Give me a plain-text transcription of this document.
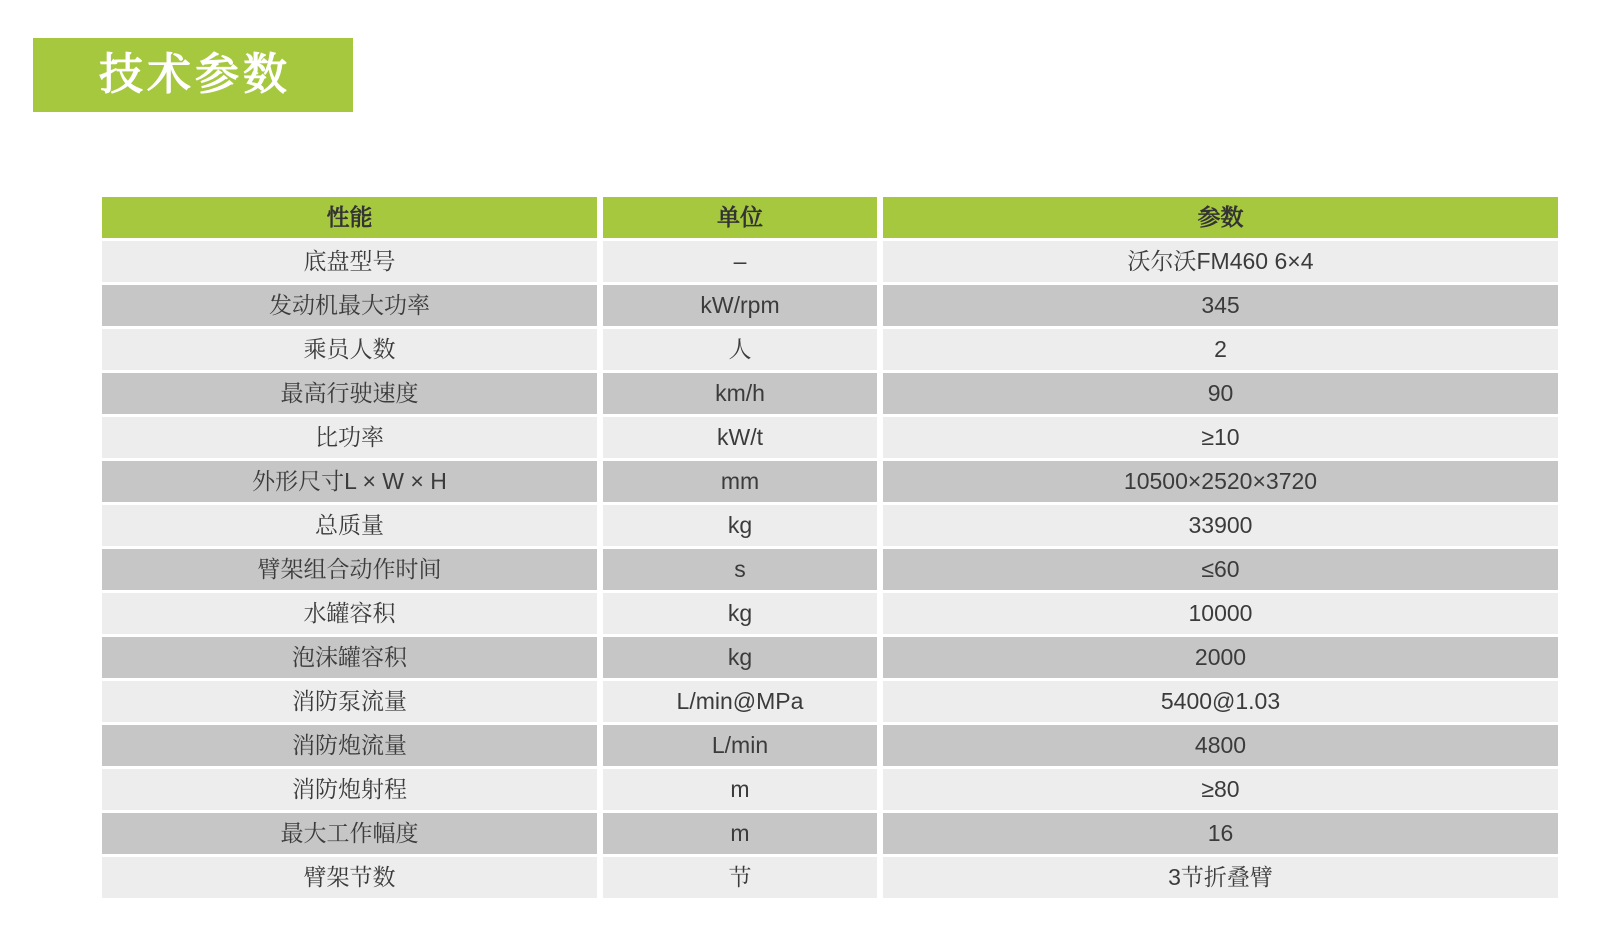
技术参数
性能	单位	参数
底盘型号	–	沃尔沃FM460 6×4
发动机最大功率	kW/rpm	345
乘员人数	人	2
最高行驶速度	km/h	90
比功率	kW/t	≥10
外形尺寸L × W × H	mm	10500×2520×3720
总质量	kg	33900
臂架组合动作时间	s	≤60
水罐容积	kg	10000
泡沫罐容积	kg	2000
消防泵流量	L/min@MPa	5400@1.03
消防炮流量	L/min	4800
消防炮射程	m	≥80
最大工作幅度	m	16
臂架节数	节	3节折叠臂
